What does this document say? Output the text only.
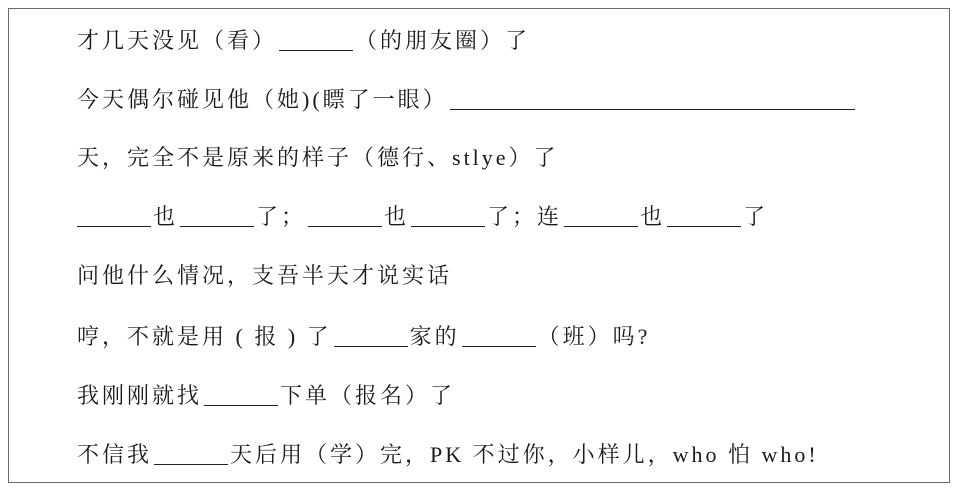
才几天没见（看）	（的朋友圈）了
今天偶尔碰见他（她)(瞟了一眼）
天，完全不是原来的样子（德行、stlye）了
也	了；	也	了；连	也	了
问他什么情况，支吾半天才说实话
哼，不就是用 ( 报 ) 了	家的	（班）吗?
我刚刚就找	下单（报名）了
不信我	天后用（学）完，PK 不过你，小样儿，who 怕 who!
